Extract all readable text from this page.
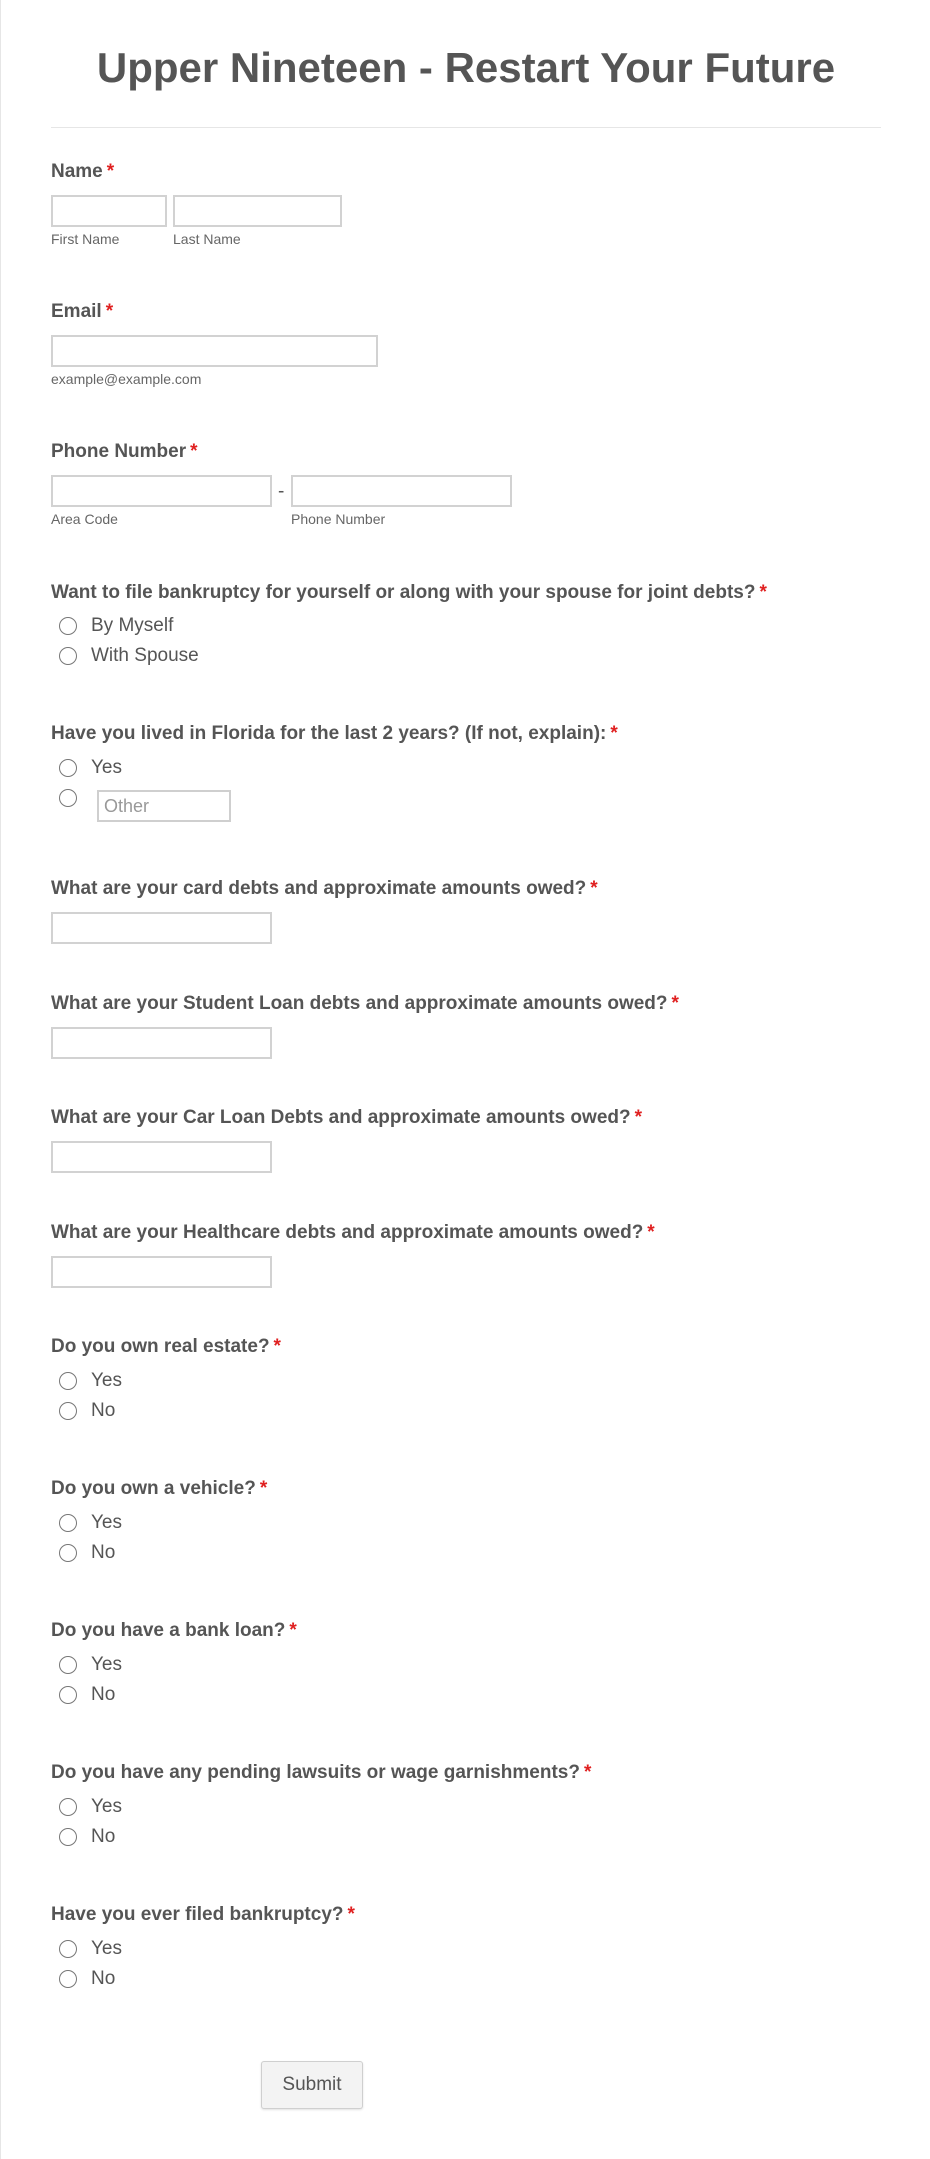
Upper Nineteen - Restart Your Future
Name *
First Name	Last Name
Email *
example@example.com
Phone Number *
-
Area Code	Phone Number
Want to file bankruptcy for yourself or along with your spouse for joint debts? *
By Myself
With Spouse
Have you lived in Florida for the last 2 years? (If not, explain): *
Yes
Other
What are your card debts and approximate amounts owed? *
What are your Student Loan debts and approximate amounts owed? *
What are your Car Loan Debts and approximate amounts owed? *
What are your Healthcare debts and approximate amounts owed? *
Do you own real estate? *
Yes
No
Do you own a vehicle? *
Yes
No
Do you have a bank loan? *
Yes
No
Do you have any pending lawsuits or wage garnishments? *
Yes
No
Have you ever filed bankruptcy? *
Yes
No
Submit
